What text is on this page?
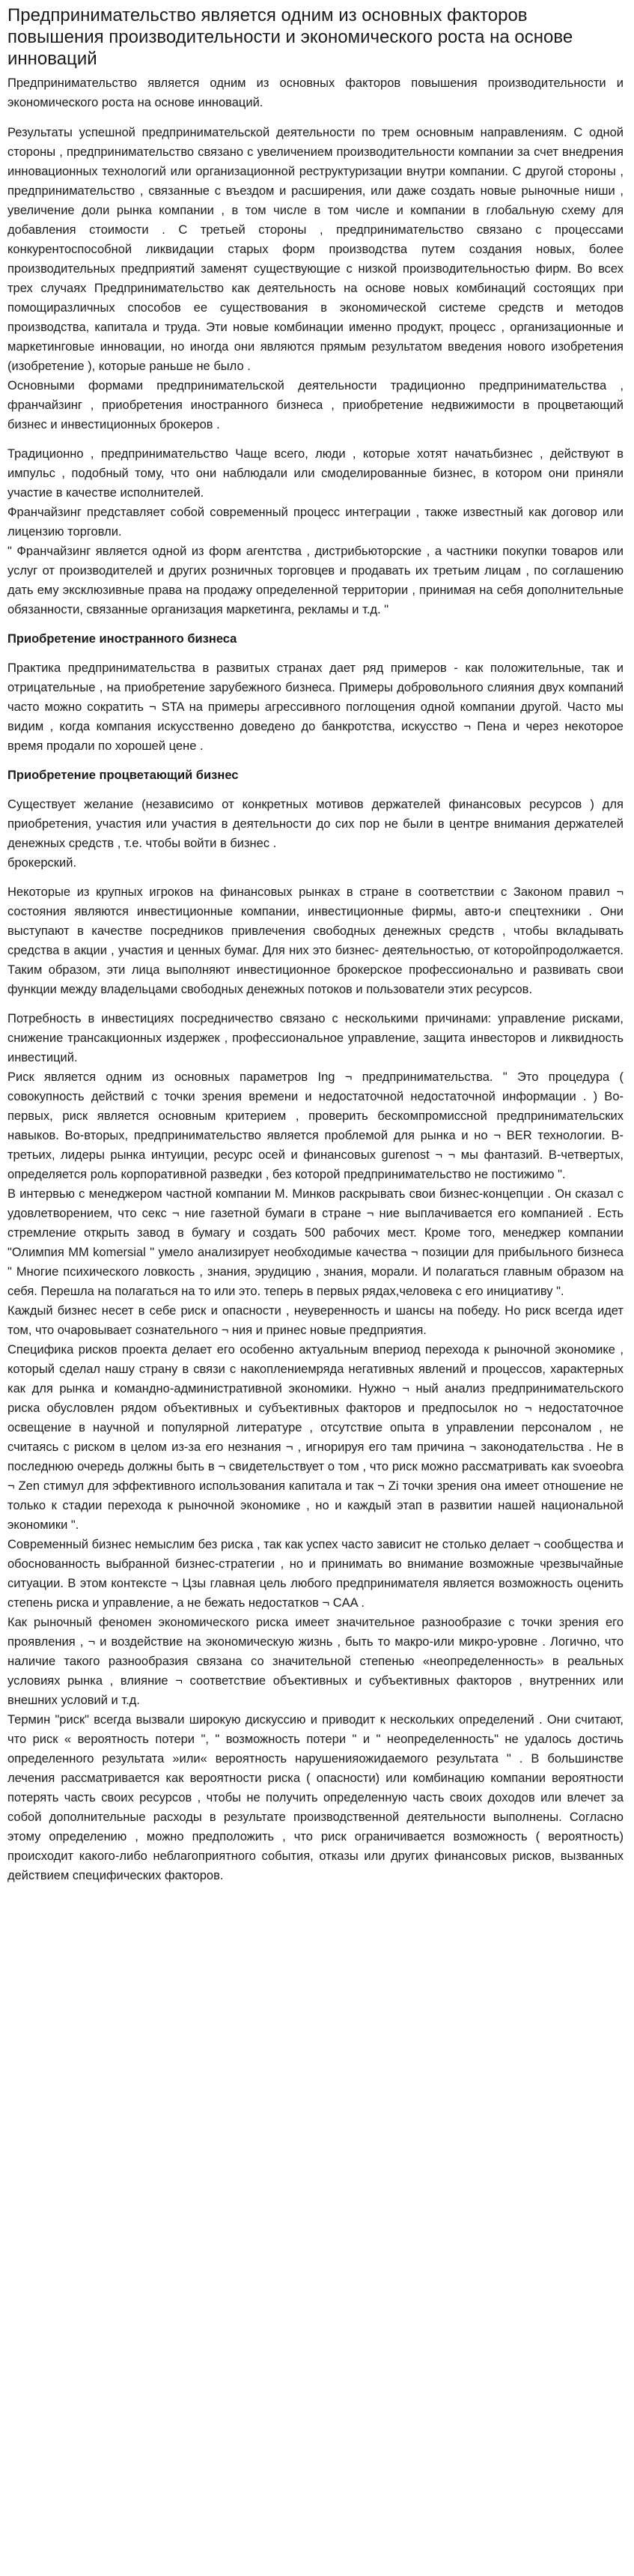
Предпринимательство является одним из основных факторов повышения производительности и экономического роста на основе инноваций

Предпринимательство является одним из основных факторов повышения производительности и экономического роста на основе инноваций.

Результаты успешной предпринимательской деятельности по трем основным направлениям. С одной стороны , предпринимательство связано с увеличением производительности компании за счет внедрения инновационных технологий или организационной реструктуризации внутри компании. С другой стороны , предпринимательство , связанные с въездом и расширения, или даже создать новые рыночные ниши , увеличение доли рынка компании , в том числе в том числе и компании в глобальную схему для добавления стоимости . С третьей стороны , предпринимательство связано с процессами конкурентоспособной ликвидации старых форм производства путем создания новых, более производительных предприятий заменят существующие с низкой производительностью фирм. Во всех трех случаях Предпринимательство как деятельность на основе новых комбинаций состоящих при помощиразличных способов ее существования в экономической системе средств и методов производства, капитала и труда. Эти новые комбинации именно продукт, процесс , организационные и маркетинговые инновации, но иногда они являются прямым результатом введения нового изобретения (изобретение ), которые раньше не было .

Основными формами предпринимательской деятельности традиционно предпринимательства , франчайзинг , приобретения иностранного бизнеса , приобретение недвижимости в процветающий бизнес и инвестиционных брокеров .

Традиционно , предпринимательство Чаще всего, люди , которые хотят начатьбизнес , действуют в импульс , подобный тому, что они наблюдали или смоделированные бизнес, в котором они приняли участие в качестве исполнителей.

Франчайзинг представляет собой современный процесс интеграции , также известный как договор или лицензию торговли.

" Франчайзинг является одной из форм агентства , дистрибьюторские , а частники покупки товаров или услуг от производителей и других розничных торговцев и продавать их третьим лицам , по соглашению дать ему эксклюзивные права на продажу определенной территории , принимая на себя дополнительные обязанности, связанные организация маркетинга, рекламы и т.д. "

Приобретение иностранного бизнеса

Практика предпринимательства в развитых странах дает ряд примеров - как положительные, так и отрицательные , на приобретение зарубежного бизнеса. Примеры добровольного слияния двух компаний часто можно сократить ¬ STA на примеры агрессивного поглощения одной компании другой. Часто мы видим , когда компания искусственно доведено до банкротства, искусство ¬ Пена и через некоторое время продали по хорошей цене .

Приобретение процветающий бизнес

Существует желание (независимо от конкретных мотивов держателей финансовых ресурсов ) для приобретения, участия или участия в деятельности до сих пор не были в центре внимания держателей денежных средств , т.е. чтобы войти в бизнес .

брокерский.

Некоторые из крупных игроков на финансовых рынках в стране в соответствии с Законом правил ¬ состояния являются инвестиционные компании, инвестиционные фирмы, авто-и спецтехники . Они выступают в качестве посредников привлечения свободных денежных средств , чтобы вкладывать средства в акции , участия и ценных бумаг. Для них это бизнес- деятельностью, от которойпродолжается. Таким образом, эти лица выполняют инвестиционное брокерское профессионально и развивать свои функции между владельцами свободных денежных потоков и пользователи этих ресурсов.

Потребность в инвестициях посредничество связано с несколькими причинами: управление рисками, снижение трансакционных издержек , профессиональное управление, защита инвесторов и ликвидность инвестиций.

Риск является одним из основных параметров Ing ¬ предпринимательства. " Это процедура ( совокупность действий с точки зрения времени и недостаточной недостаточной информации . ) Во-первых, риск является основным критерием , проверить бескомпромиссной предпринимательских навыков. Во-вторых, предпринимательство является проблемой для рынка и но ¬ BER технологии. В-третьих, лидеры рынка интуиции, ресурс осей и финансовых gurenost ¬ ¬ мы фантазий. В-четвертых, определяется роль корпоративной разведки , без которой предпринимательство не постижимо ".

В интервью с менеджером частной компании М. Минков раскрывать свои бизнес-концепции . Он сказал с удовлетворением, что секс ¬ ние газетной бумаги в стране ¬ ние выплачивается его компанией . Есть стремление открыть завод в бумагу и создать 500 рабочих мест. Кроме того, менеджер компании "Олимпия ММ komersial " умело анализирует необходимые качества ¬ позиции для прибыльного бизнеса " Многие психического ловкость , знания, эрудицию , знания, морали. И полагаться главным образом на себя. Перешла на полагаться на то или это. теперь в первых рядах,человека с его инициативу ".

Каждый бизнес несет в себе риск и опасности , неуверенность и шансы на победу. Но риск всегда идет том, что очаровывает сознательного ¬ ния и принес новые предприятия.

Специфика рисков проекта делает его особенно актуальным впериод перехода к рыночной экономике , который сделал нашу страну в связи с накоплениемряда негативных явлений и процессов, характерных как для рынка и командно-административной экономики. Нужно ¬ ный анализ предпринимательского риска обусловлен рядом объективных и субъективных факторов и предпосылок но ¬ недостаточное освещение в научной и популярной литературе , отсутствие опыта в управлении персоналом , не считаясь с риском в целом из-за его незнания ¬ , игнорируя его там причина ¬ законодательства . Не в последнюю очередь должны быть в ¬ свидетельствует о том , что риск можно рассматривать как svoeobra ¬ Zen стимул для эффективного использования капитала и так ¬ Zi точки зрения она имеет отношение не только к стадии перехода к рыночной экономике , но и каждый этап в развитии нашей национальной экономики ".

Современный бизнес немыслим без риска , так как успех часто зависит не столько делает ¬ сообщества и обоснованность выбранной бизнес-стратегии , но и принимать во внимание возможные чрезвычайные ситуации. В этом контексте ¬ Цзы главная цель любого предпринимателя является возможность оценить степень риска и управление, а не бежать недостатков ¬ СAA .

Как рыночный феномен экономического риска имеет значительное разнообразие с точки зрения его проявления , ¬ и воздействие на экономическую жизнь , быть то макро-или микро-уровне . Логично, что наличие такого разнообразия связана со значительной степенью «неопределенность» в реальных условиях рынка , влияние ¬ соответствие объективных и субъективных факторов , внутренних или внешних условий и т.д.

Термин "риск" всегда вызвали широкую дискуссию и приводит к нескольких определений . Они считают, что риск « вероятность потери ", " возможность потери " и " неопределенность" не удалось достичь определенного результата »или« вероятность нарушенияожидаемого результата " . В большинстве лечения рассматривается как вероятности риска ( опасности) или комбинацию компании вероятности потерять часть своих ресурсов , чтобы не получить определенную часть своих доходов или влечет за собой дополнительные расходы в результате производственной деятельности выполнены. Согласно этому определению , можно предположить , что риск ограничивается возможность ( вероятность) происходит какого-либо неблагоприятного события, отказы или других финансовых рисков, вызванных действием специфических факторов.
